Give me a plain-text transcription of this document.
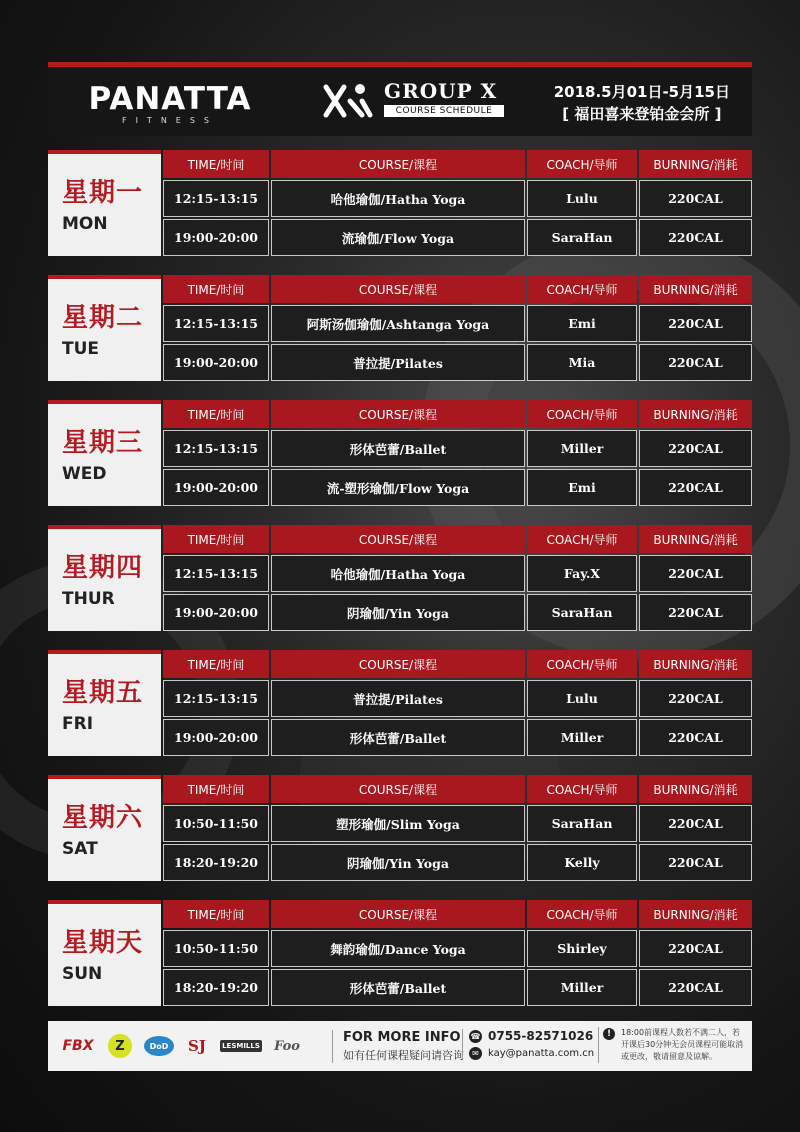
PANATTA
FITNESS
GROUP X
COURSE SCHEDULE
2018.5月01日-5月15日
[ 福田喜来登铂金会所 ]
星期一
MON
TIME/时间	COURSE/课程	COACH/导师	BURNING/消耗
12:15-13:15	哈他瑜伽/Hatha Yoga	Lulu	220CAL
19:00-20:00	流瑜伽/Flow Yoga	SaraHan	220CAL
星期二
TUE
TIME/时间	COURSE/课程	COACH/导师	BURNING/消耗
12:15-13:15	阿斯汤伽瑜伽/Ashtanga Yoga	Emi	220CAL
19:00-20:00	普拉提/Pilates	Mia	220CAL
星期三
WED
TIME/时间	COURSE/课程	COACH/导师	BURNING/消耗
12:15-13:15	形体芭蕾/Ballet	Miller	220CAL
19:00-20:00	流-塑形瑜伽/Flow Yoga	Emi	220CAL
星期四
THUR
TIME/时间	COURSE/课程	COACH/导师	BURNING/消耗
12:15-13:15	哈他瑜伽/Hatha Yoga	Fay.X	220CAL
19:00-20:00	阴瑜伽/Yin Yoga	SaraHan	220CAL
星期五
FRI
TIME/时间	COURSE/课程	COACH/导师	BURNING/消耗
12:15-13:15	普拉提/Pilates	Lulu	220CAL
19:00-20:00	形体芭蕾/Ballet	Miller	220CAL
星期六
SAT
TIME/时间	COURSE/课程	COACH/导师	BURNING/消耗
10:50-11:50	塑形瑜伽/Slim Yoga	SaraHan	220CAL
18:20-19:20	阴瑜伽/Yin Yoga	Kelly	220CAL
星期天
SUN
TIME/时间	COURSE/课程	COACH/导师	BURNING/消耗
10:50-11:50	舞韵瑜伽/Dance Yoga	Shirley	220CAL
18:20-19:20	形体芭蕾/Ballet	Miller	220CAL
FBX	Z	DoD	SJ LESMILLS Foo
FOR MORE INFO
如有任何课程疑问请咨询
☎ 0755-82571026
✉ kay@panatta.com.cn
!	18:00前课程人数若不满二人，若开课后30分钟无会员课程可能取消或更改，敬请留意及谅解。
